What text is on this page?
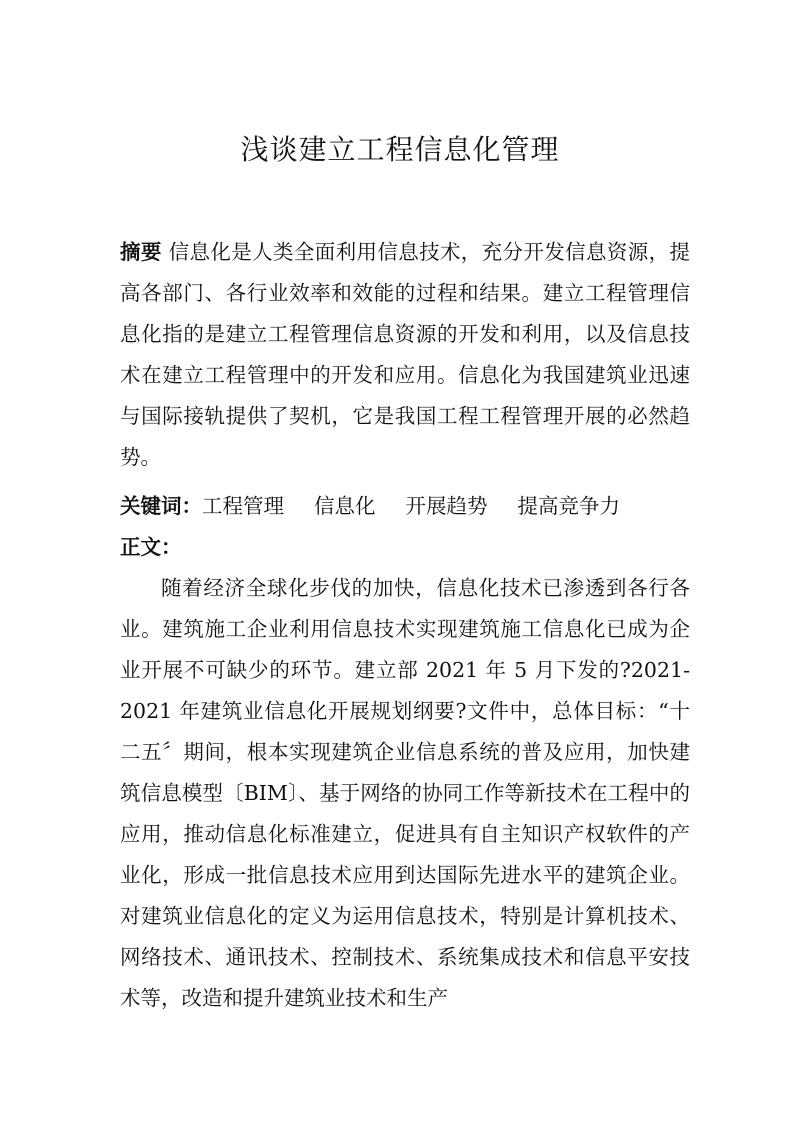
浅谈建立工程信息化管理
摘要 信息化是人类全面利用信息技术，充分开发信息资源，提高各部门、各行业效率和效能的过程和结果。建立工程管理信息化指的是建立工程管理信息资源的开发和利用，以及信息技术在建立工程管理中的开发和应用。信息化为我国建筑业迅速与国际接轨提供了契机，它是我国工程工程管理开展的必然趋势。
关键词：工程管理 信息化 开展趋势 提高竞争力
正文：
随着经济全球化步伐的加快，信息化技术已渗透到各行各业。建筑施工企业利用信息技术实现建筑施工信息化已成为企业开展不可缺少的环节。建立部 2021 年 5 月下发的?2021-2021 年建筑业信息化开展规划纲要?文件中，总体目标：“十二五〞期间，根本实现建筑企业信息系统的普及应用，加快建筑信息模型〔BIM〕、基于网络的协同工作等新技术在工程中的应用，推动信息化标准建立，促进具有自主知识产权软件的产业化，形成一批信息技术应用到达国际先进水平的建筑企业。对建筑业信息化的定义为运用信息技术，特别是计算机技术、网络技术、通讯技术、控制技术、系统集成技术和信息平安技术等，改造和提升建筑业技术和生产
